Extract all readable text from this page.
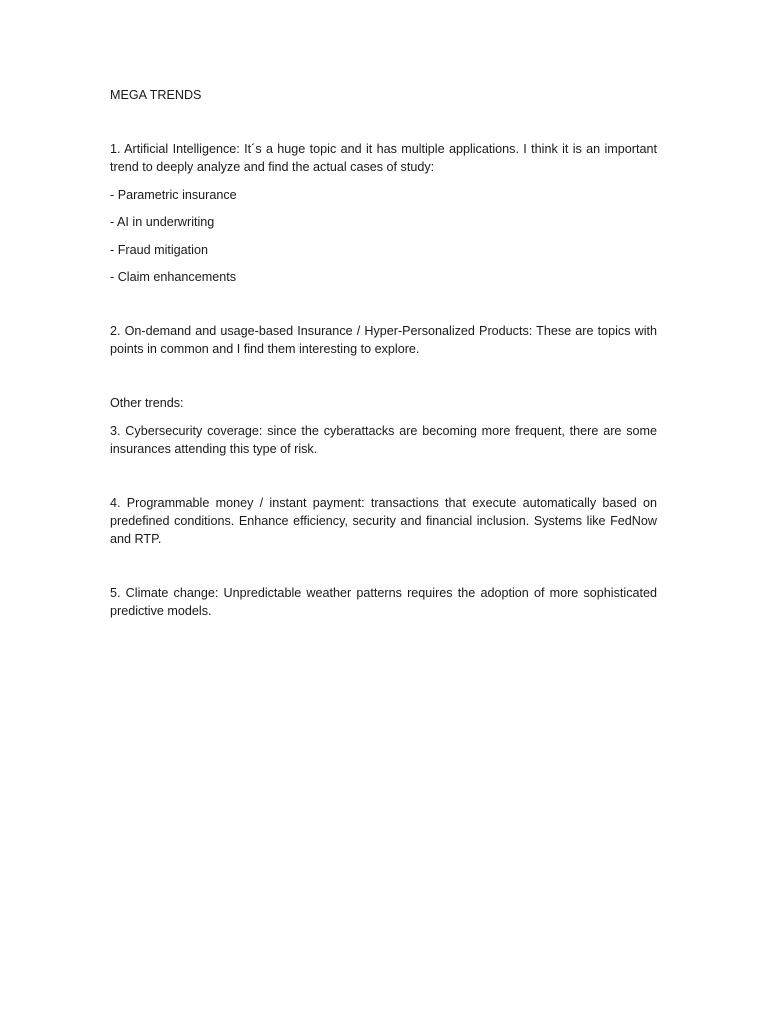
MEGA TRENDS

1. Artificial Intelligence: It´s a huge topic and it has multiple applications. I think it is an important trend to deeply analyze and find the actual cases of study:

- Parametric insurance

- AI in underwriting

- Fraud mitigation

- Claim enhancements

2. On-demand and usage-based Insurance / Hyper-Personalized Products: These are topics with points in common and I find them interesting to explore.

Other trends:

3. Cybersecurity coverage: since the cyberattacks are becoming more frequent, there are some insurances attending this type of risk.

4. Programmable money / instant payment: transactions that execute automatically based on predefined conditions. Enhance efficiency, security and financial inclusion. Systems like FedNow and RTP.

5. Climate change: Unpredictable weather patterns requires the adoption of more sophisticated predictive models.
